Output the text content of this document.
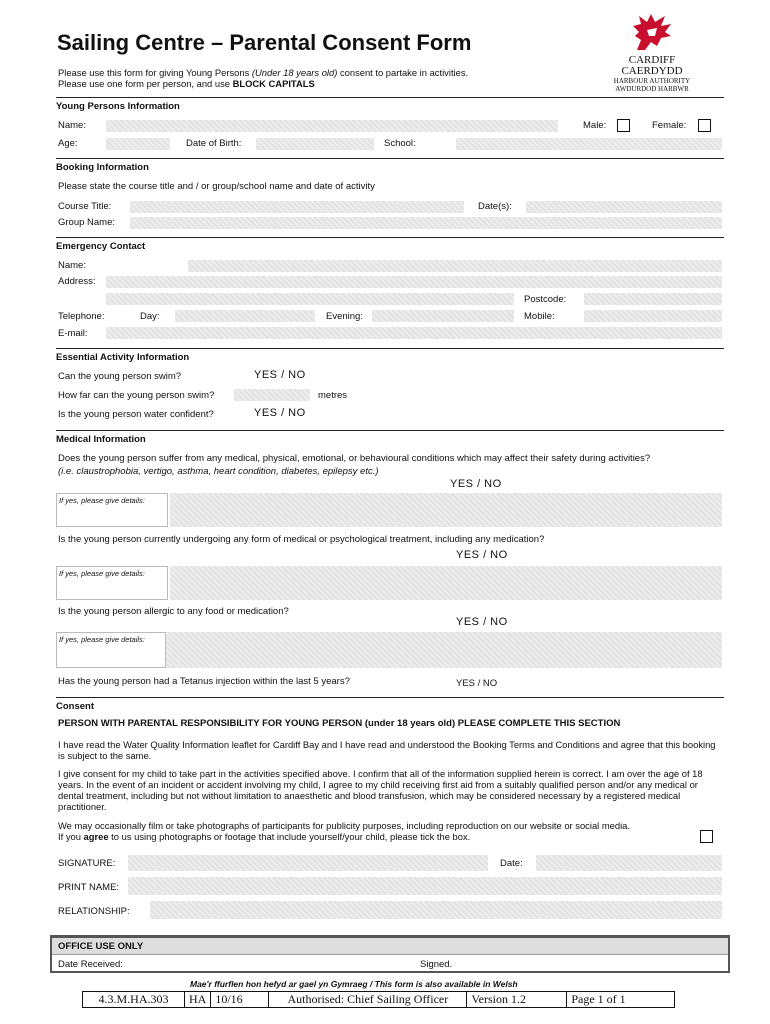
Sailing Centre – Parental Consent Form
Please use this form for giving Young Persons (Under 18 years old) consent to partake in activities.
Please use one form per person, and use BLOCK CAPITALS
CARDIFF
CAERDYDD
HARBOUR AUTHORITY
AWDURDOD HARBWR
Young Persons Information
Name:	Male:	Female:
Age:	Date of Birth:	School:
Booking Information
Please state the course title and / or group/school name and date of activity
Course Title:	Date(s):
Group Name:
Emergency Contact
Name:
Address:
Postcode:
Telephone:	Day:	Evening:	Mobile:
E-mail:
Essential Activity Information
Can the young person swim?	YES / NO
How far can the young person swim?	metres
Is the young person water confident?	YES / NO
Medical Information
Does the young person suffer from any medical, physical, emotional, or behavioural conditions which may affect their safety during activities?
(i.e. claustrophobia, vertigo, asthma, heart condition, diabetes, epilepsy etc.)
YES / NO
If yes, please give details:
Is the young person currently undergoing any form of medical or psychological treatment, including any medication?
YES / NO
If yes, please give details:
Is the young person allergic to any food or medication?
YES / NO
If yes, please give details:
Has the young person had a Tetanus injection within the last 5 years?	YES / NO
Consent
PERSON WITH PARENTAL RESPONSIBILITY FOR YOUNG PERSON (under 18 years old) PLEASE COMPLETE THIS SECTION
I have read the Water Quality Information leaflet for Cardiff Bay and I have read and understood the Booking Terms and Conditions and agree that this booking is subject to the same.
I give consent for my child to take part in the activities specified above. I confirm that all of the information supplied herein is correct. I am over the age of 18 years. In the event of an incident or accident involving my child, I agree to my child receiving first aid from a suitably qualified person and/or any medical or dental treatment, including but not without limitation to anaesthetic and blood transfusion, which may be considered necessary by a registered medical practitioner.
We may occasionally film or take photographs of participants for publicity purposes, including reproduction on our website or social media.
If you agree to us using photographs or footage that include yourself/your child, please tick the box.
SIGNATURE:	Date:
PRINT NAME:
RELATIONSHIP:
OFFICE USE ONLY
Date Received:	Signed.
Mae'r ffurflen hon hefyd ar gael yn Gymraeg / This form is also available in Welsh
4.3.M.HA.303	HA	10/16	Authorised: Chief Sailing Officer	Version 1.2	Page 1 of 1
